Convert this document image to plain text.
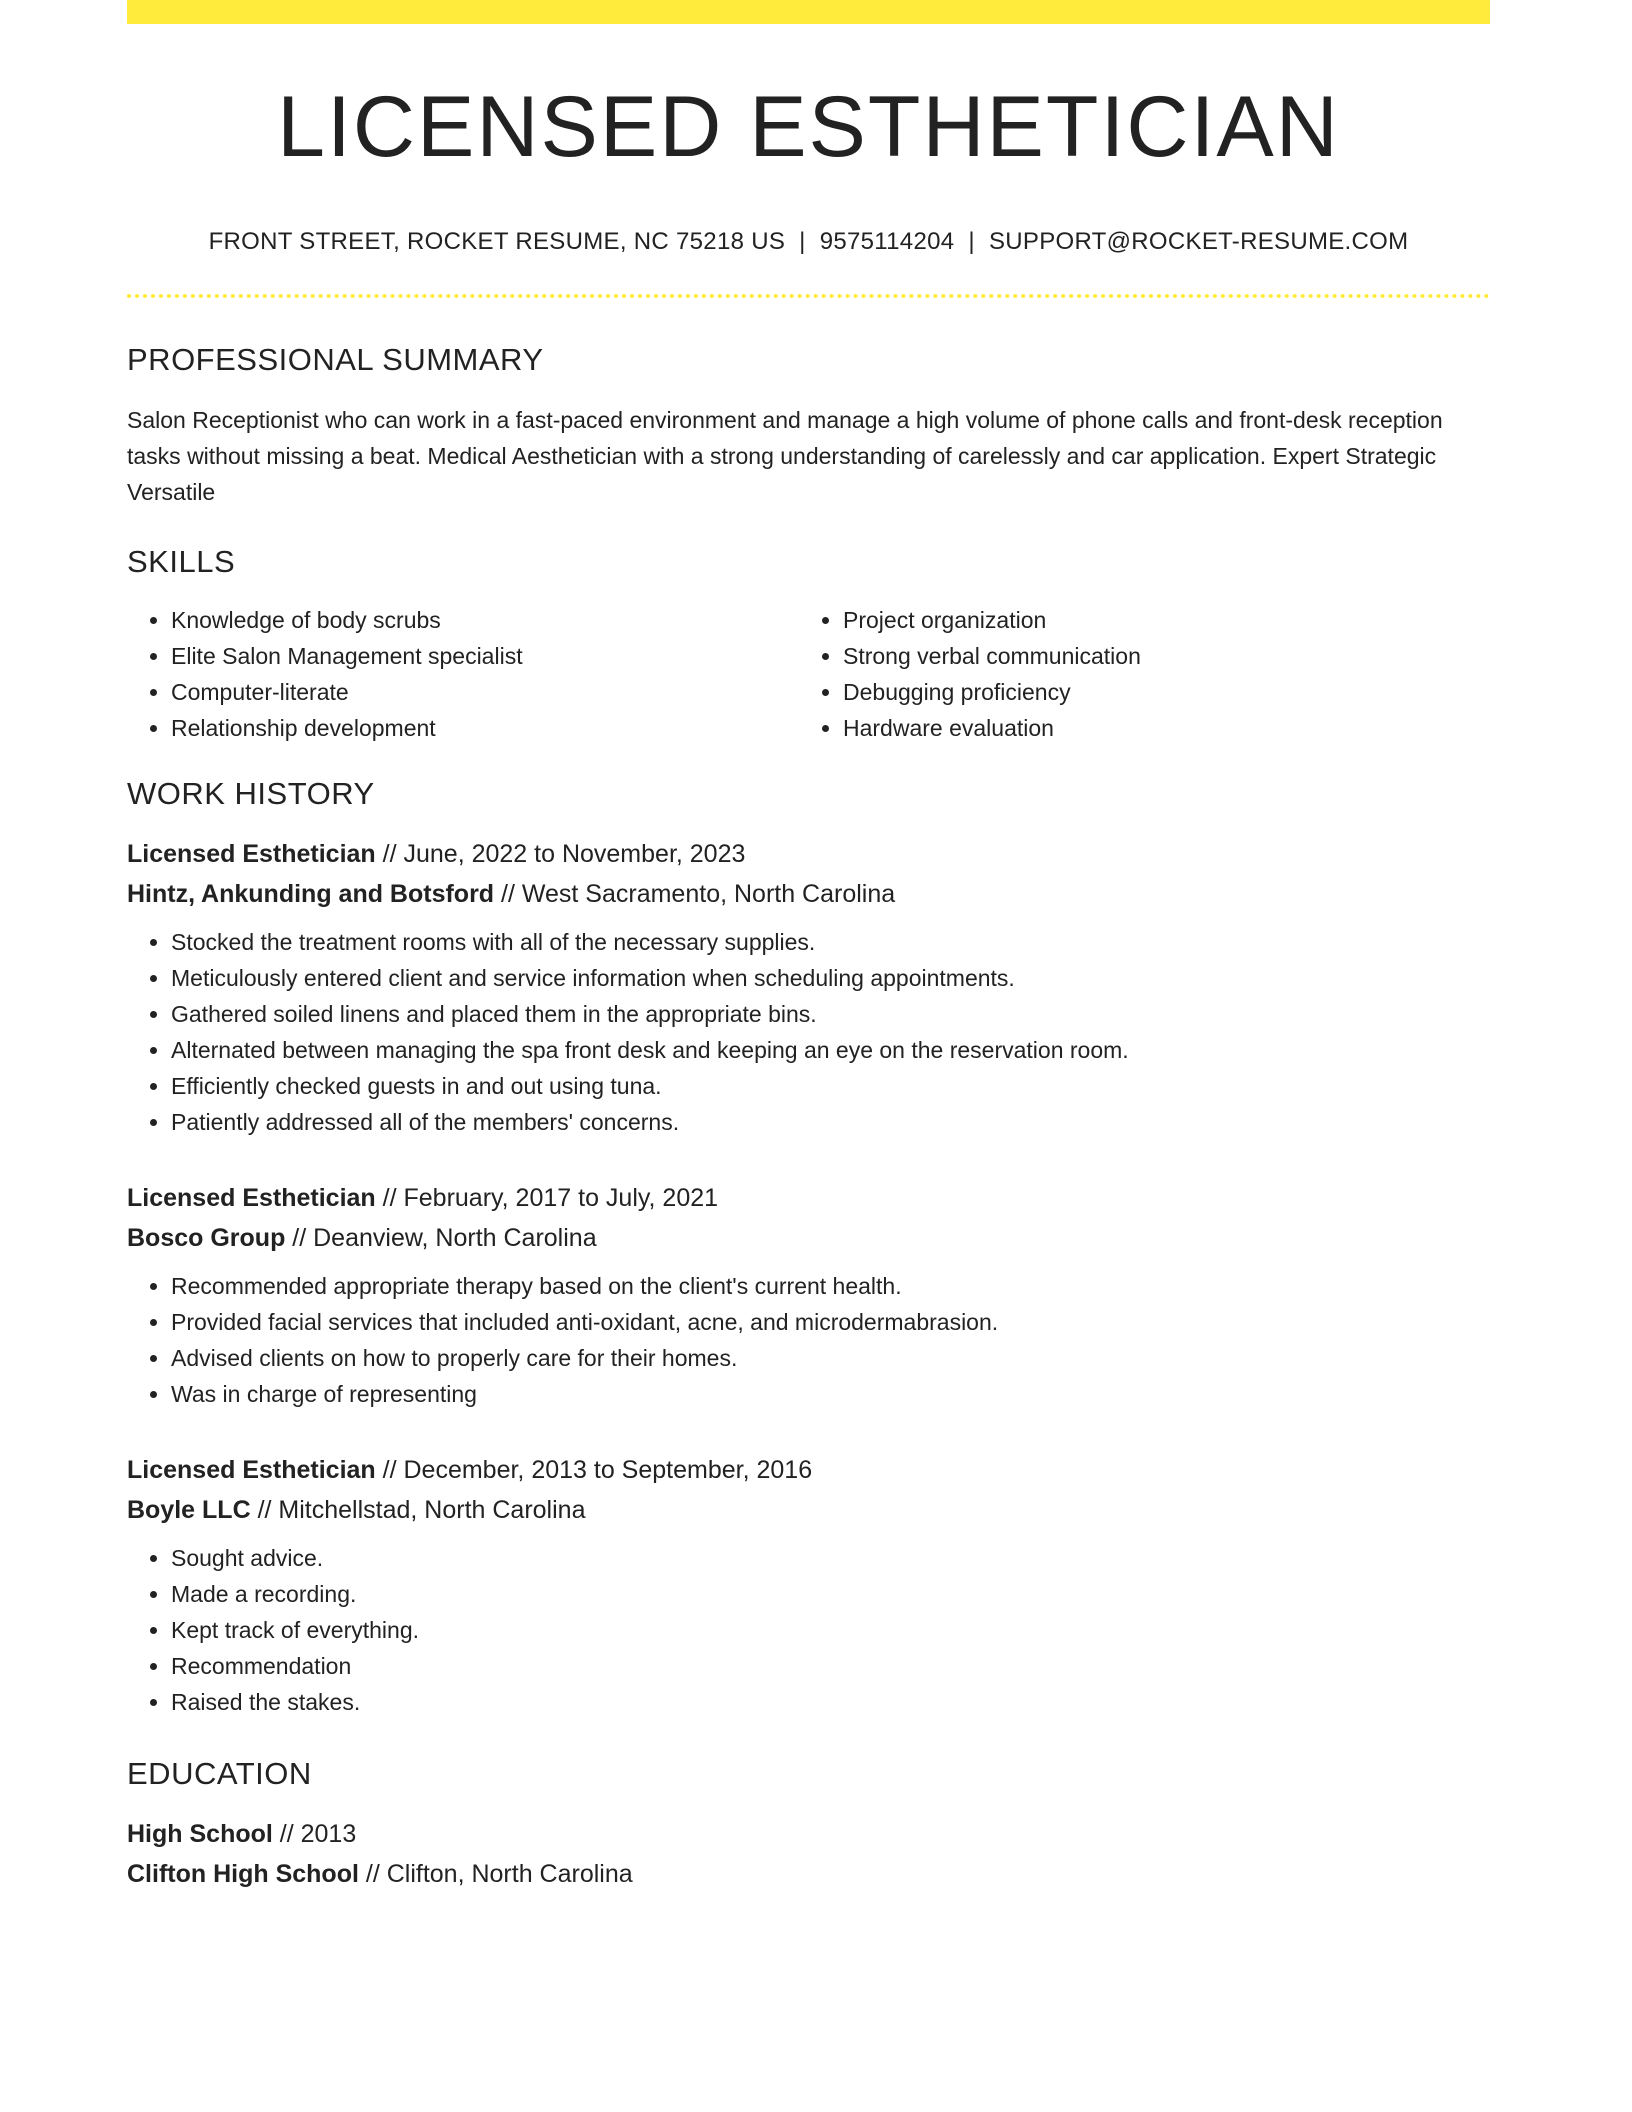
LICENSED ESTHETICIAN
FRONT STREET, ROCKET RESUME, NC 75218 US | 9575114204 | SUPPORT@ROCKET-RESUME.COM
PROFESSIONAL SUMMARY
Salon Receptionist who can work in a fast-paced environment and manage a high volume of phone calls and front-desk reception tasks without missing a beat. Medical Aesthetician with a strong understanding of carelessly and car application. Expert Strategic Versatile
SKILLS
• Knowledge of body scrubs
• Elite Salon Management specialist
• Computer-literate
• Relationship development
• Project organization
• Strong verbal communication
• Debugging proficiency
• Hardware evaluation
WORK HISTORY
Licensed Esthetician // June, 2022 to November, 2023
Hintz, Ankunding and Botsford // West Sacramento, North Carolina
• Stocked the treatment rooms with all of the necessary supplies.
• Meticulously entered client and service information when scheduling appointments.
• Gathered soiled linens and placed them in the appropriate bins.
• Alternated between managing the spa front desk and keeping an eye on the reservation room.
• Efficiently checked guests in and out using tuna.
• Patiently addressed all of the members' concerns.
Licensed Esthetician // February, 2017 to July, 2021
Bosco Group // Deanview, North Carolina
• Recommended appropriate therapy based on the client's current health.
• Provided facial services that included anti-oxidant, acne, and microdermabrasion.
• Advised clients on how to properly care for their homes.
• Was in charge of representing
Licensed Esthetician // December, 2013 to September, 2016
Boyle LLC // Mitchellstad, North Carolina
• Sought advice.
• Made a recording.
• Kept track of everything.
• Recommendation
• Raised the stakes.
EDUCATION
High School // 2013
Clifton High School // Clifton, North Carolina
